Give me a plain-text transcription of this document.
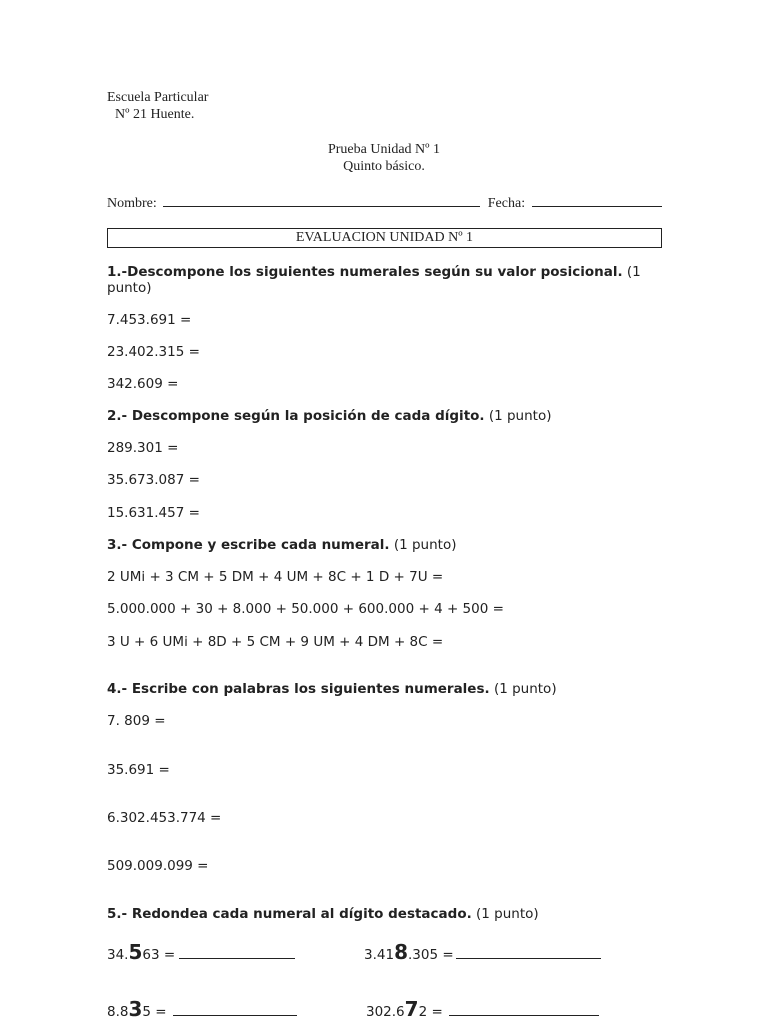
Escuela Particular
Nº 21 Huente.
Prueba Unidad Nº 1
Quinto básico.
Nombre:	Fecha:
EVALUACION UNIDAD Nº 1
1.-Descompone los siguientes numerales según su valor posicional. (1
punto)
7.453.691 =
23.402.315 =
342.609 =
2.- Descompone según la posición de cada dígito. (1 punto)
289.301 =
35.673.087 =
15.631.457 =
3.- Compone y escribe cada numeral. (1 punto)
2 UMi + 3 CM + 5 DM + 4 UM + 8C + 1 D + 7U =
5.000.000 + 30 + 8.000 + 50.000 + 600.000 + 4 + 500 =
3 U + 6 UMi + 8D + 5 CM + 9 UM + 4 DM + 8C =
4.- Escribe con palabras los siguientes numerales. (1 punto)
7. 809 =
35.691 =
6.302.453.774 =
509.009.099 =
5.- Redondea cada numeral al dígito destacado. (1 punto)
34.563 =	3.418.305 =
8.835 =	302.672 =
